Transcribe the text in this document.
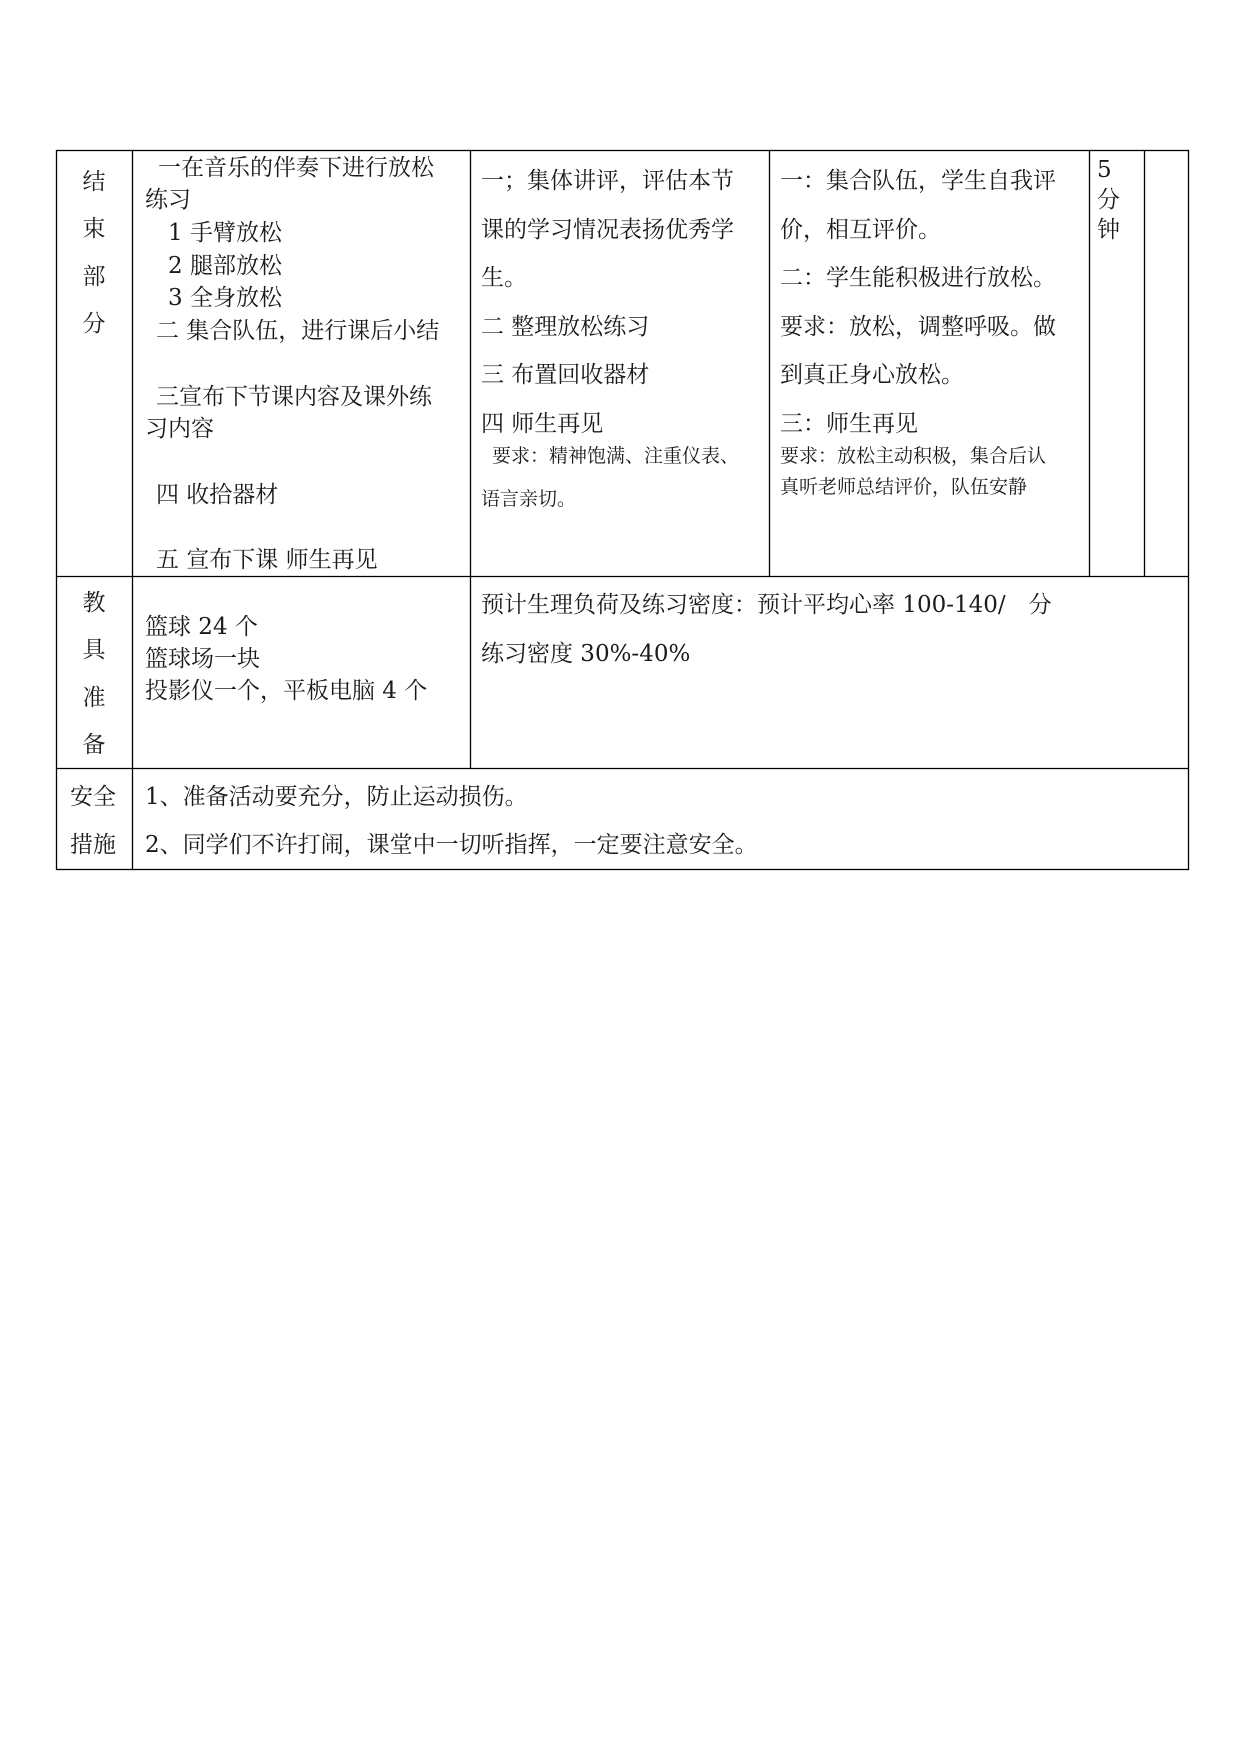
结
束
部
分
一在音乐的伴奏下进行放松
练习
1 手臂放松
2 腿部放松
3 全身放松
二 集合队伍，进行课后小结
三宣布下节课内容及课外练
习内容
四 收拾器材
五 宣布下课 师生再见
一；集体讲评，评估本节
课的学习情况表扬优秀学
生。
二 整理放松练习
三 布置回收器材
四 师生再见
要求：精神饱满、注重仪表、
语言亲切。
一：集合队伍，学生自我评
价，相互评价。
二：学生能积极进行放松。
要求：放松，调整呼吸。做
到真正身心放松。
三：师生再见
要求：放松主动积极，集合后认
真听老师总结评价，队伍安静
5
分
钟
教
具
准
备
篮球 24 个
篮球场一块
投影仪一个，平板电脑 4 个
预计生理负荷及练习密度：预计平均心率 100-140/　分
练习密度 30%-40%
安全
措施
1、准备活动要充分，防止运动损伤。
2、同学们不许打闹，课堂中一切听指挥，一定要注意安全。
